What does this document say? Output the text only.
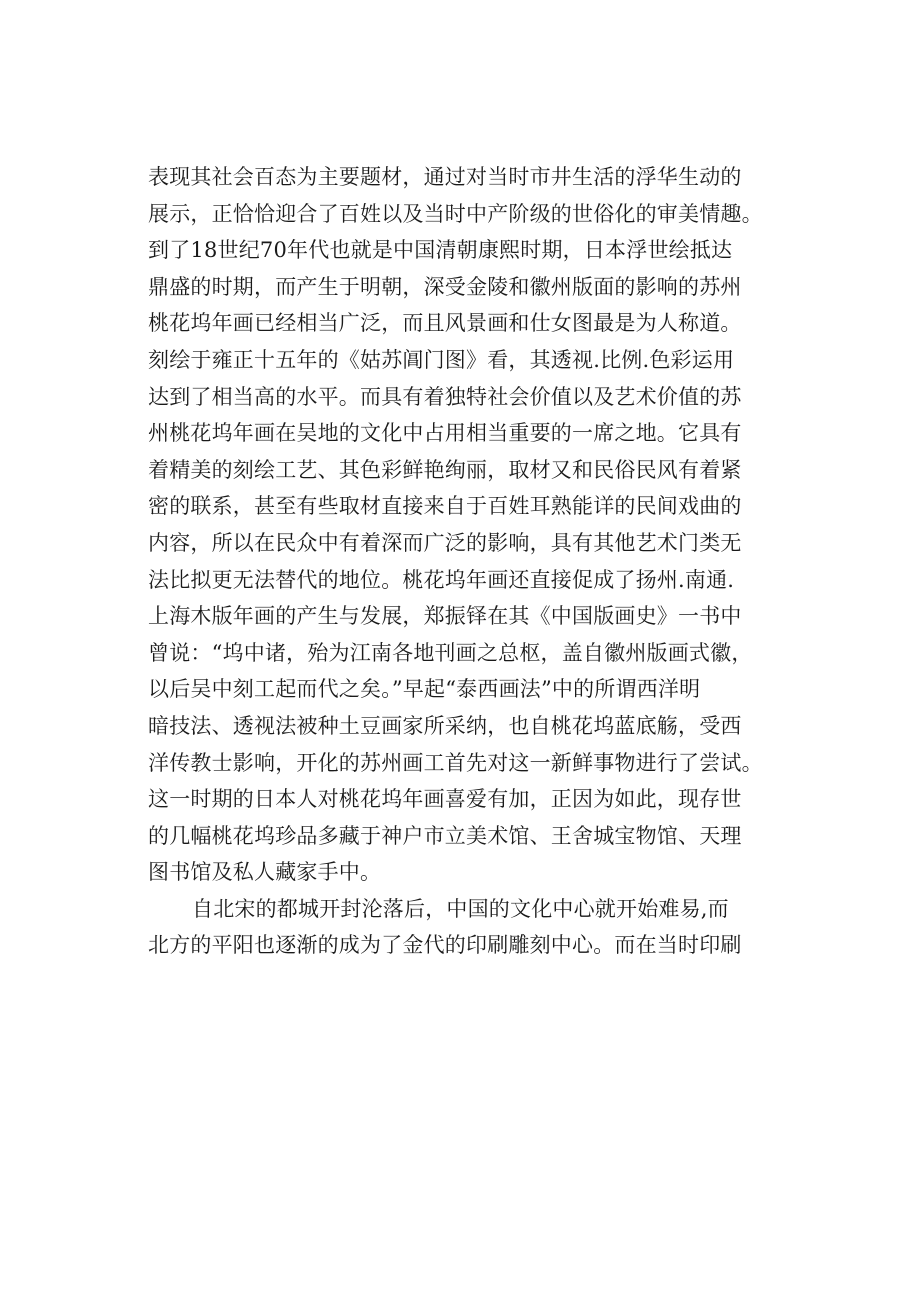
表现其社会百态为主要题材，通过对当时市井生活的浮华生动的
展示，正恰恰迎合了百姓以及当时中产阶级的世俗化的审美情趣。
到了18世纪70年代也就是中国清朝康熙时期，日本浮世绘抵达
鼎盛的时期，而产生于明朝，深受金陵和徽州版面的影响的苏州
桃花坞年画已经相当广泛，而且风景画和仕女图最是为人称道。
刻绘于雍正十五年的《姑苏阊门图》看，其透视.比例.色彩运用
达到了相当高的水平。而具有着独特社会价值以及艺术价值的苏
州桃花坞年画在吴地的文化中占用相当重要的一席之地。它具有
着精美的刻绘工艺、其色彩鲜艳绚丽，取材又和民俗民风有着紧
密的联系，甚至有些取材直接来自于百姓耳熟能详的民间戏曲的
内容，所以在民众中有着深而广泛的影响，具有其他艺术门类无
法比拟更无法替代的地位。桃花坞年画还直接促成了扬州.南通.
上海木版年画的产生与发展，郑振铎在其《中国版画史》一书中
曾说：“坞中诸，殆为江南各地刊画之总枢，盖自徽州版画式徽，
以后吴中刻工起而代之矣。”早起“泰西画法”中的所谓西洋明
暗技法、透视法被种土豆画家所采纳，也自桃花坞蓝底觞，受西
洋传教士影响，开化的苏州画工首先对这一新鲜事物进行了尝试。
这一时期的日本人对桃花坞年画喜爱有加，正因为如此，现存世
的几幅桃花坞珍品多藏于神户市立美术馆、王舍城宝物馆、天理
图书馆及私人藏家手中。
自北宋的都城开封沦落后，中国的文化中心就开始难易,而
北方的平阳也逐渐的成为了金代的印刷雕刻中心。而在当时印刷
